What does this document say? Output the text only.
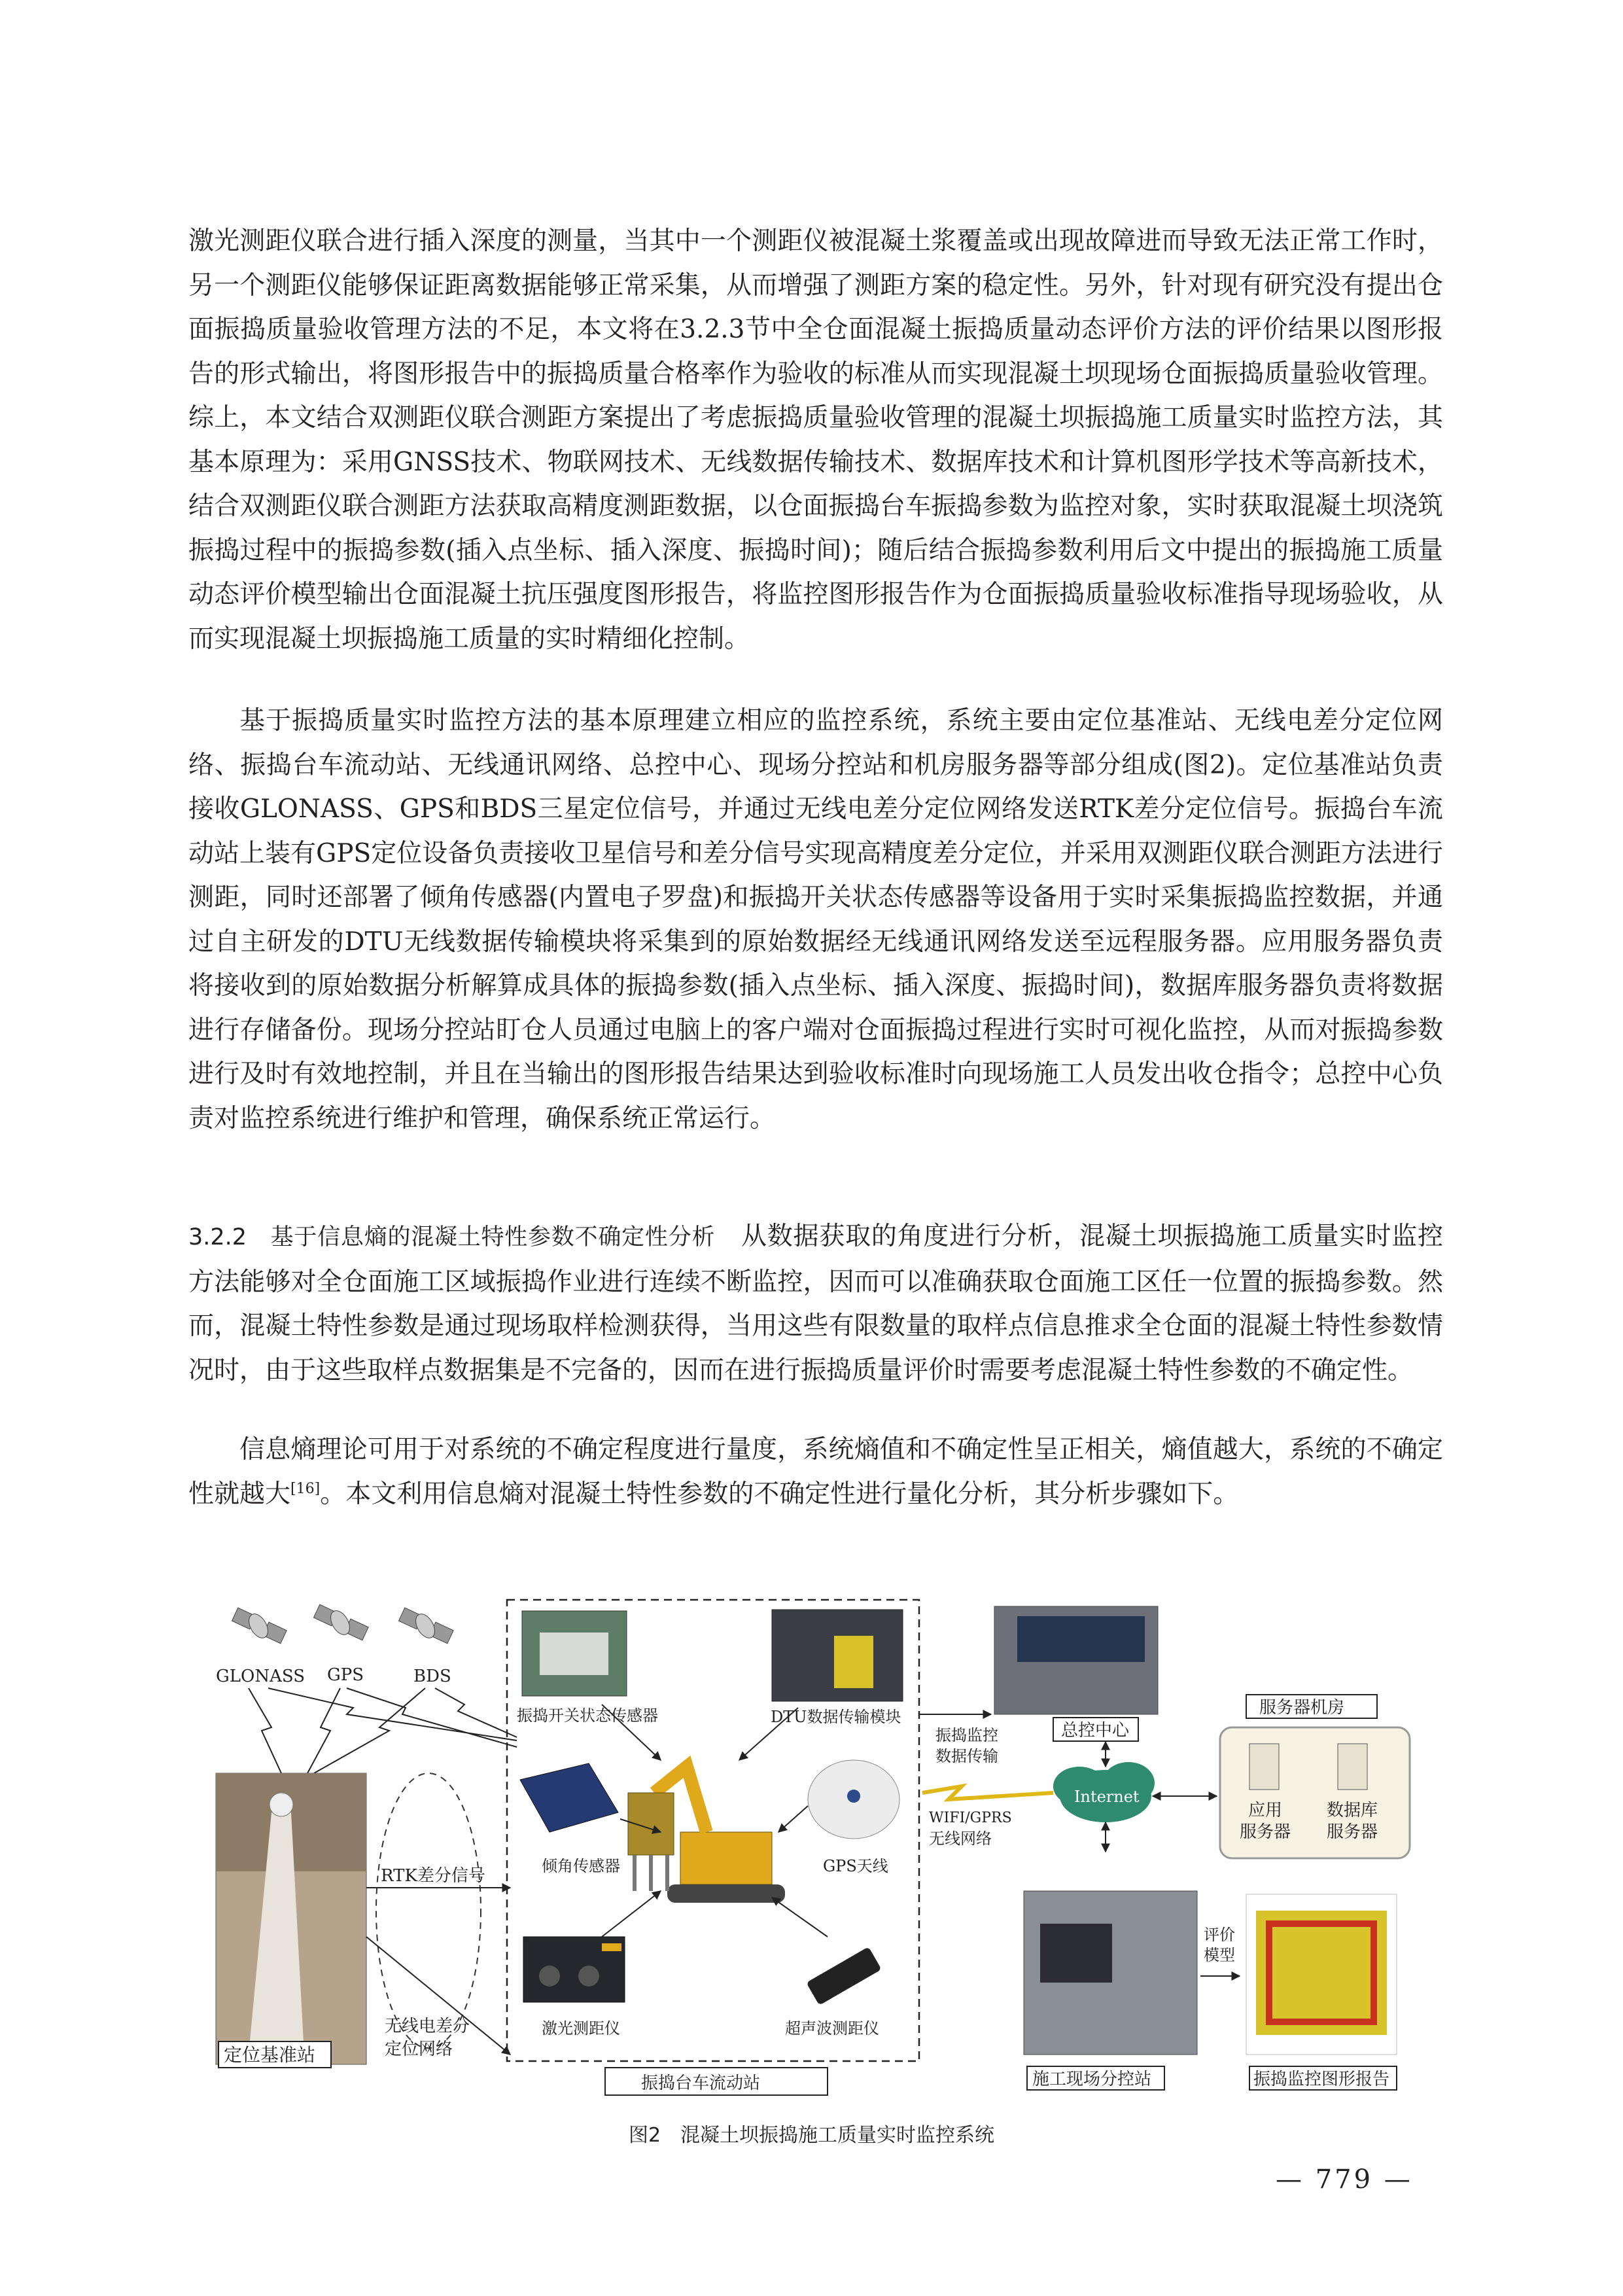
激光测距仪联合进行插入深度的测量，当其中一个测距仪被混凝土浆覆盖或出现故障进而导致无法正常工作时，另一个测距仪能够保证距离数据能够正常采集，从而增强了测距方案的稳定性。另外，针对现有研究没有提出仓面振捣质量验收管理方法的不足，本文将在3.2.3节中全仓面混凝土振捣质量动态评价方法的评价结果以图形报告的形式输出，将图形报告中的振捣质量合格率作为验收的标准从而实现混凝土坝现场仓面振捣质量验收管理。综上，本文结合双测距仪联合测距方案提出了考虑振捣质量验收管理的混凝土坝振捣施工质量实时监控方法，其基本原理为：采用GNSS技术、物联网技术、无线数据传输技术、数据库技术和计算机图形学技术等高新技术，结合双测距仪联合测距方法获取高精度测距数据，以仓面振捣台车振捣参数为监控对象，实时获取混凝土坝浇筑振捣过程中的振捣参数(插入点坐标、插入深度、振捣时间)；随后结合振捣参数利用后文中提出的振捣施工质量动态评价模型输出仓面混凝土抗压强度图形报告，将监控图形报告作为仓面振捣质量验收标准指导现场验收，从而实现混凝土坝振捣施工质量的实时精细化控制。

基于振捣质量实时监控方法的基本原理建立相应的监控系统，系统主要由定位基准站、无线电差分定位网络、振捣台车流动站、无线通讯网络、总控中心、现场分控站和机房服务器等部分组成(图2)。定位基准站负责接收GLONASS、GPS和BDS三星定位信号，并通过无线电差分定位网络发送RTK差分定位信号。振捣台车流动站上装有GPS定位设备负责接收卫星信号和差分信号实现高精度差分定位，并采用双测距仪联合测距方法进行测距，同时还部署了倾角传感器(内置电子罗盘)和振捣开关状态传感器等设备用于实时采集振捣监控数据，并通过自主研发的DTU无线数据传输模块将采集到的原始数据经无线通讯网络发送至远程服务器。应用服务器负责将接收到的原始数据分析解算成具体的振捣参数(插入点坐标、插入深度、振捣时间)，数据库服务器负责将数据进行存储备份。现场分控站盯仓人员通过电脑上的客户端对仓面振捣过程进行实时可视化监控，从而对振捣参数进行及时有效地控制，并且在当输出的图形报告结果达到验收标准时向现场施工人员发出收仓指令；总控中心负责对监控系统进行维护和管理，确保系统正常运行。

3.2.2　基于信息熵的混凝土特性参数不确定性分析　从数据获取的角度进行分析，混凝土坝振捣施工质量实时监控方法能够对全仓面施工区域振捣作业进行连续不断监控，因而可以准确获取仓面施工区任一位置的振捣参数。然而，混凝土特性参数是通过现场取样检测获得，当用这些有限数量的取样点信息推求全仓面的混凝土特性参数情况时，由于这些取样点数据集是不完备的，因而在进行振捣质量评价时需要考虑混凝土特性参数的不确定性。

信息熵理论可用于对系统的不确定程度进行量度，系统熵值和不确定性呈正相关，熵值越大，系统的不确定性就越大[16]。本文利用信息熵对混凝土特性参数的不确定性进行量化分析，其分析步骤如下。

GLONASS GPS	BDS
定位基准站
RTK差分信号
无线电差分
定位网络
振捣开关状态传感器	DTU数据传输模块
倾角传感器	GPS天线
激光测距仪	超声波测距仪
振捣台车流动站
振捣监控
数据传输
总控中心
Internet
WIFI/GPRS
无线网络
服务器机房
应用
服务器
数据库
服务器
施工现场分控站
评价
模型
振捣监控图形报告
图2　混凝土坝振捣施工质量实时监控系统
— 779 —
